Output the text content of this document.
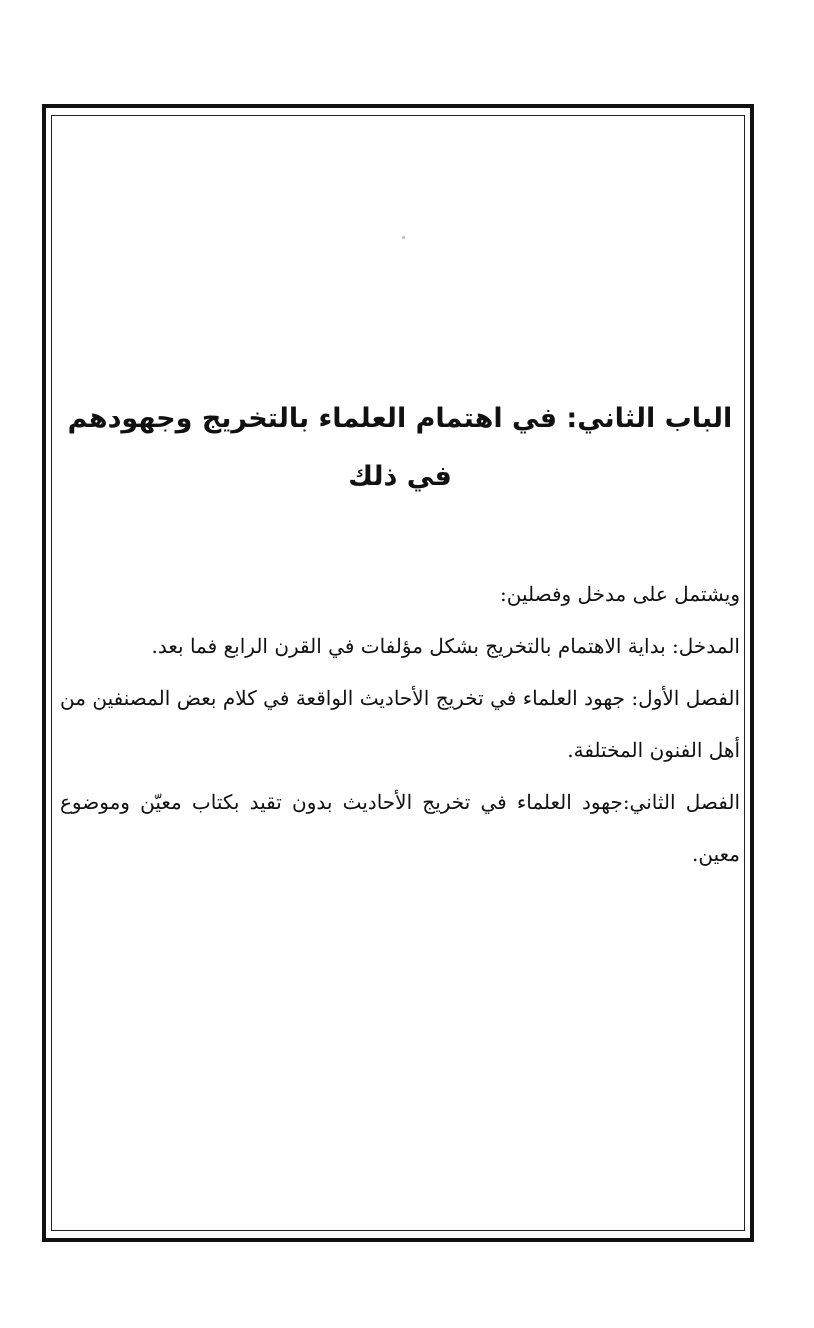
الباب الثاني: في اهتمام العلماء بالتخريج وجهودهم في ذلك

ويشتمل على مدخل وفصلين:

المدخل: بداية الاهتمام بالتخريج بشكل مؤلفات في القرن الرابع فما بعد.

الفصل الأول: جهود العلماء في تخريج الأحاديث الواقعة في كلام بعض المصنفين من أهل الفنون المختلفة.

الفصل الثاني:جهود العلماء في تخريج الأحاديث بدون تقيد بكتاب معيّن وموضوع معين.
